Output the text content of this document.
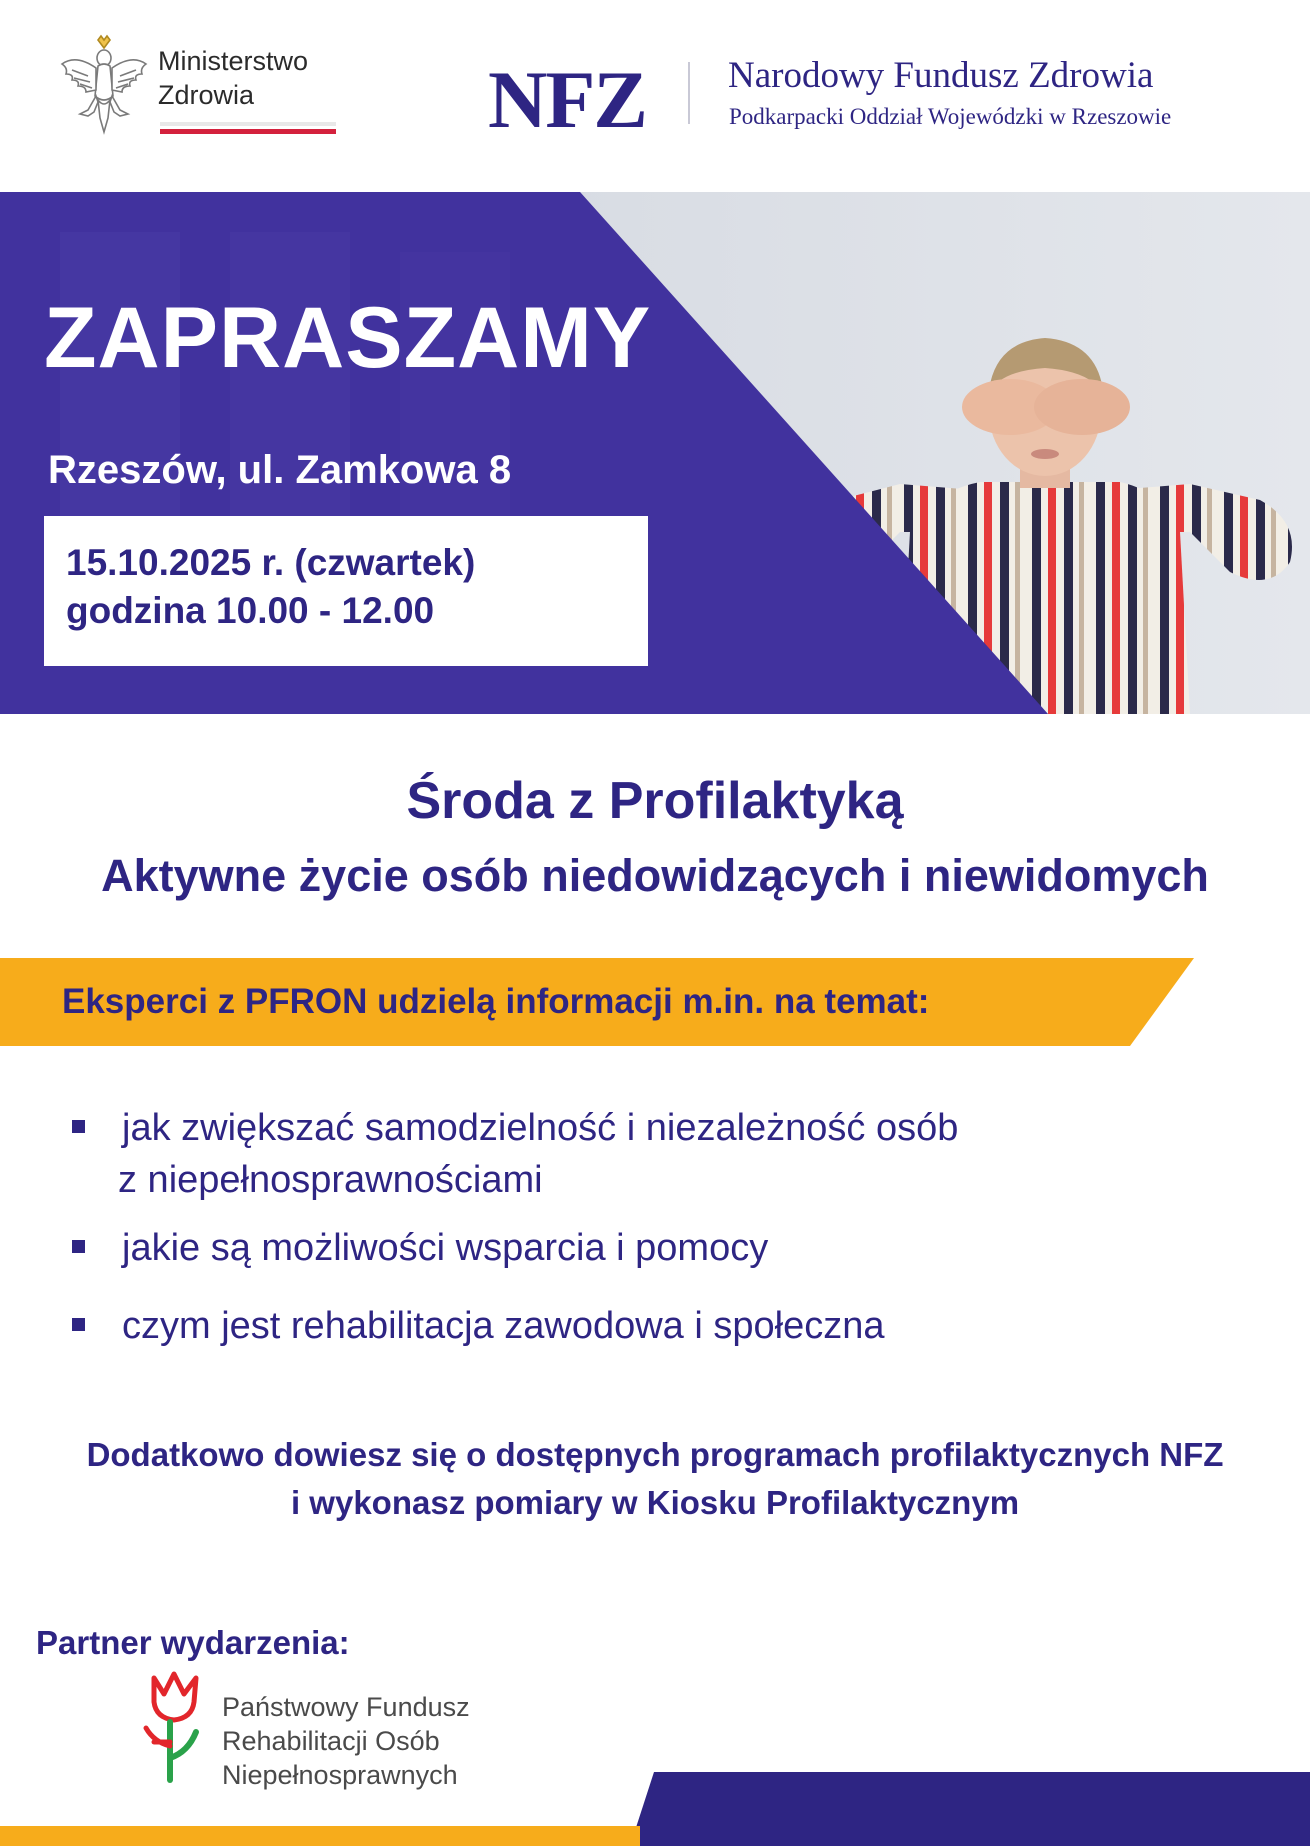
Ministerstwo
Zdrowia	NFZ Narodowy Fundusz Zdrowia
Podkarpacki Oddział Wojewódzki w Rzeszowie
ZAPRASZAMY
Rzeszów, ul. Zamkowa 8
15.10.2025 r. (czwartek)
godzina 10.00 - 12.00
Środa z Profilaktyką
Aktywne życie osób niedowidzących i niewidomych
Eksperci z PFRON udzielą informacji m.in. na temat:
jak zwiększać samodzielność i niezależność osób
z niepełnosprawnościami
jakie są możliwości wsparcia i pomocy
czym jest rehabilitacja zawodowa i społeczna
Dodatkowo dowiesz się o dostępnych programach profilaktycznych NFZ
i wykonasz pomiary w Kiosku Profilaktycznym
Partner wydarzenia:
Państwowy Fundusz
Rehabilitacji Osób
Niepełnosprawnych
